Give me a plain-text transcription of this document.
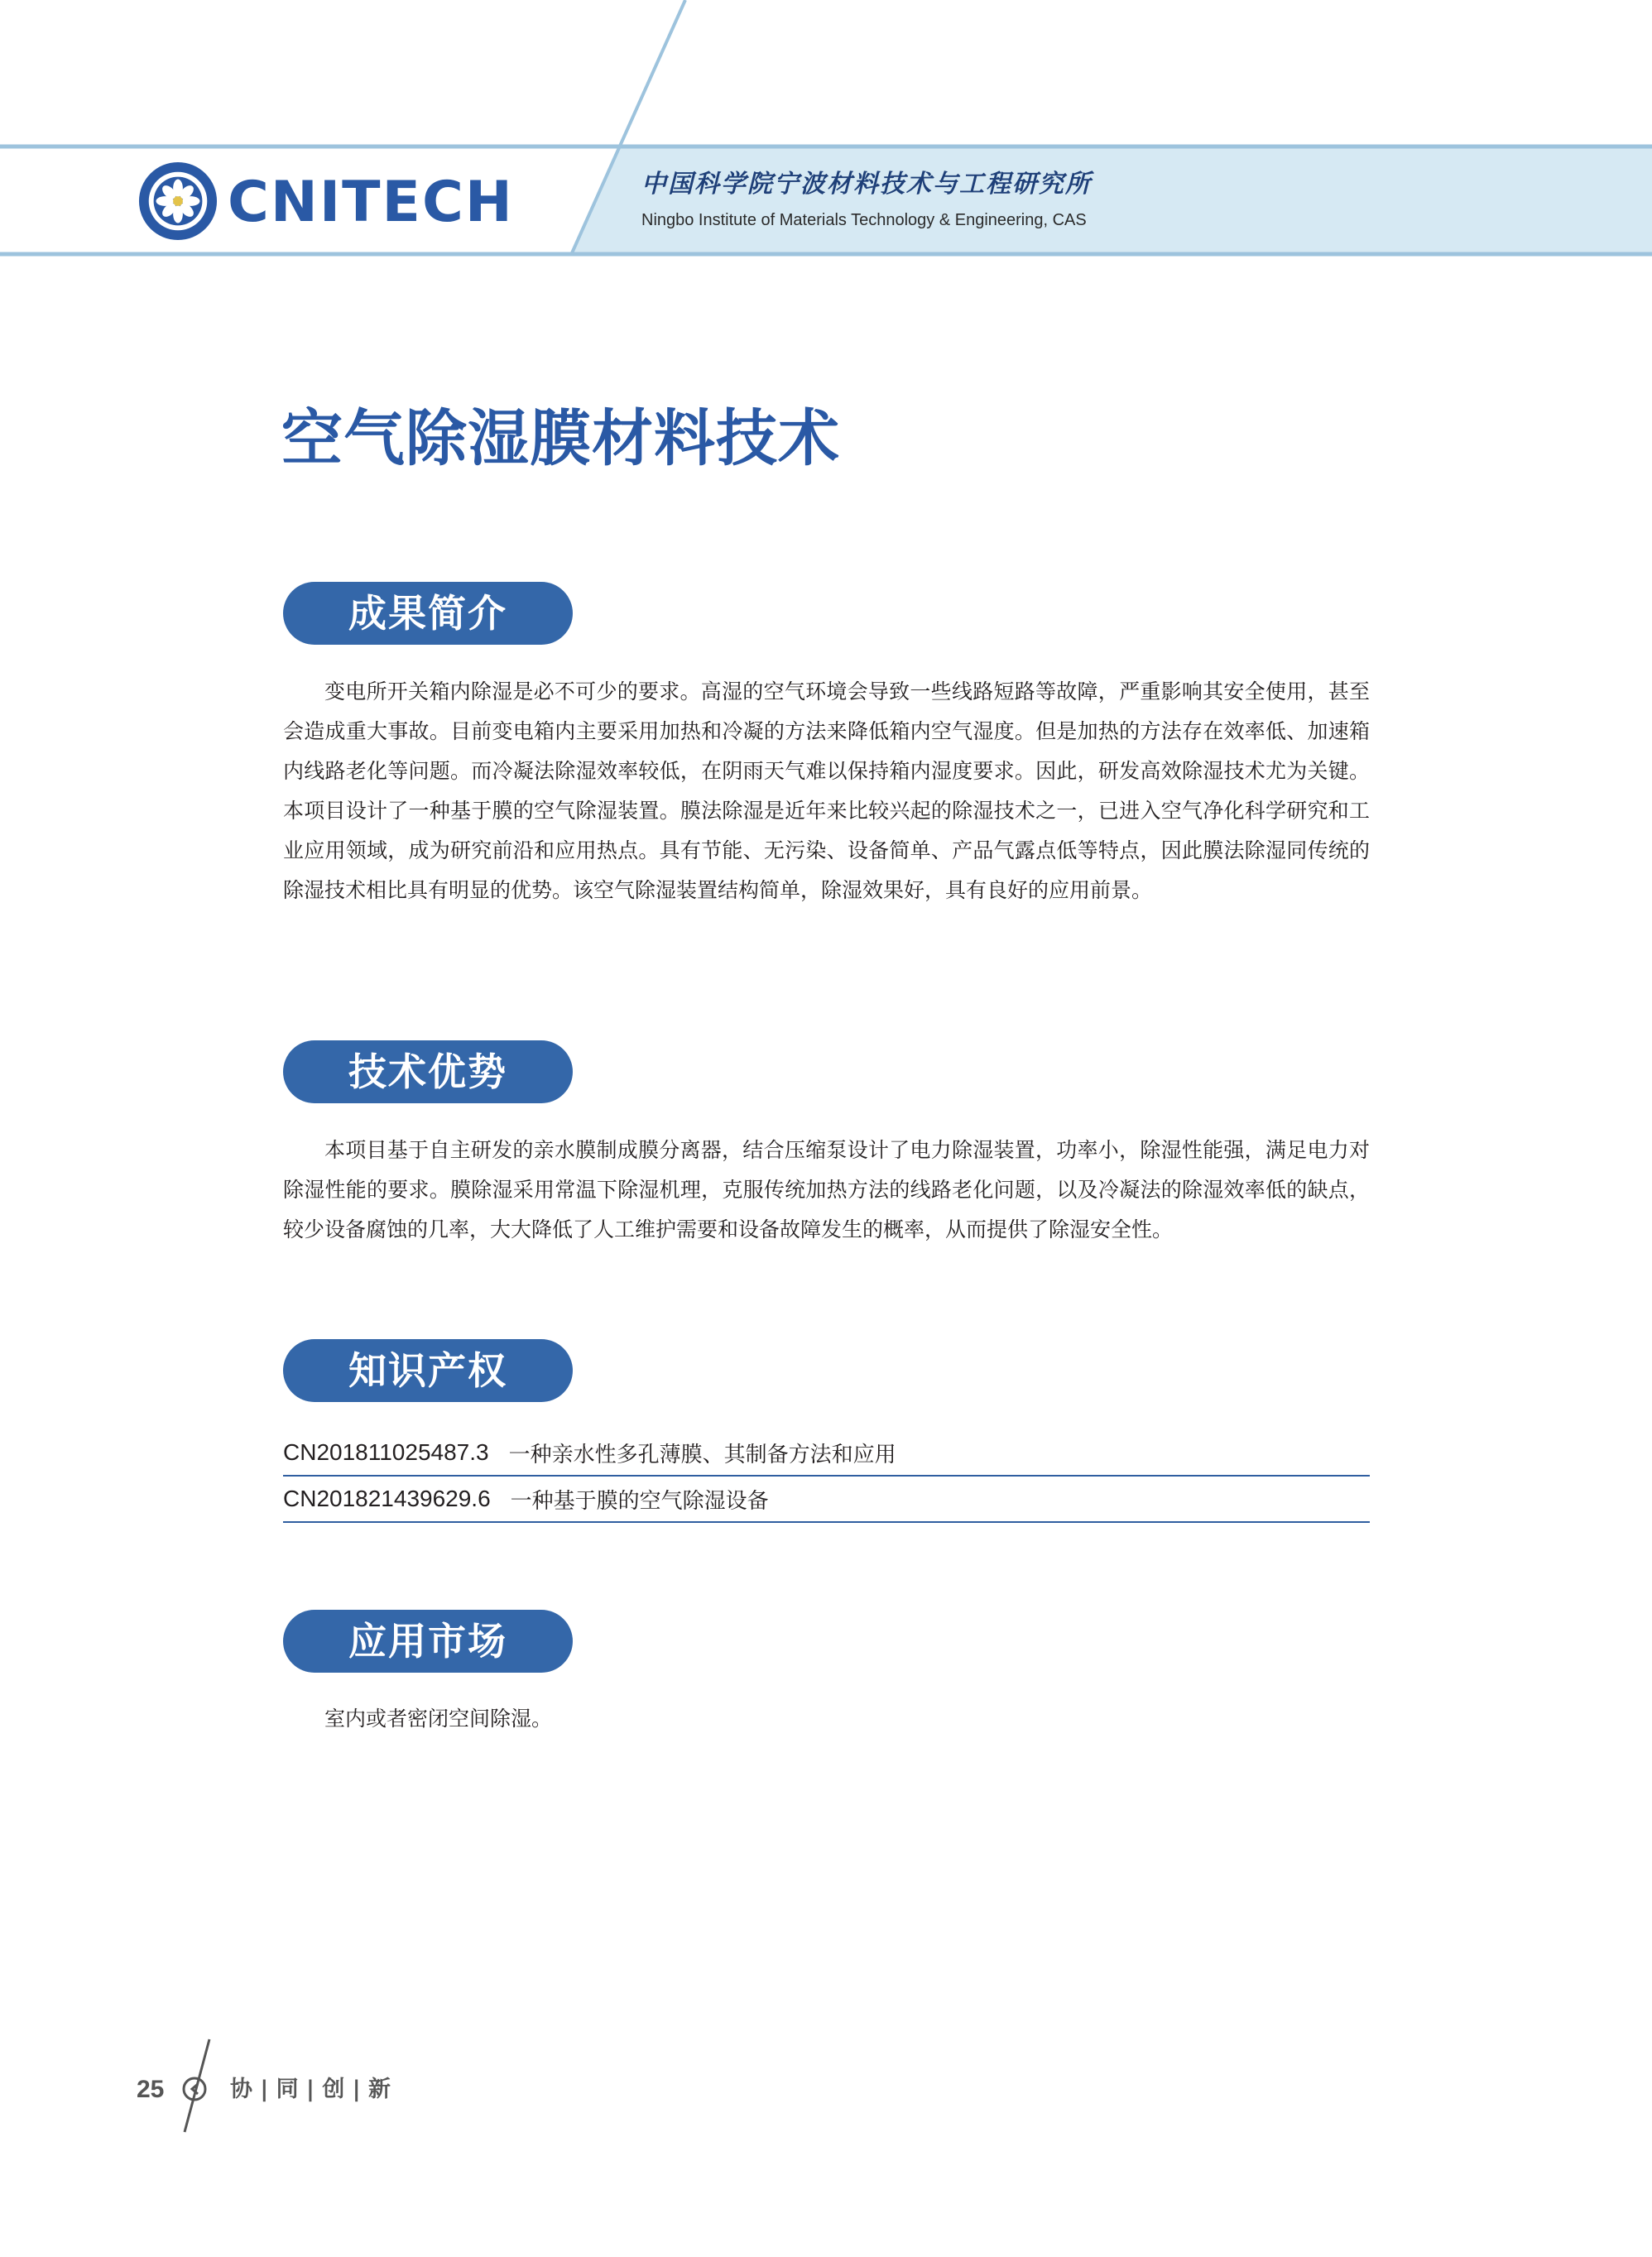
CNITECH	中国科学院宁波材料技术与工程研究所
Ningbo Institute of Materials Technology & Engineering, CAS
空气除湿膜材料技术
成果简介

变电所开关箱内除湿是必不可少的要求。高湿的空气环境会导致一些线路短路等故障，严重影响其安全使用，甚至会造成重大事故。目前变电箱内主要采用加热和冷凝的方法来降低箱内空气湿度。但是加热的方法存在效率低、加速箱内线路老化等问题。而冷凝法除湿效率较低，在阴雨天气难以保持箱内湿度要求。因此，研发高效除湿技术尤为关键。本项目设计了一种基于膜的空气除湿装置。膜法除湿是近年来比较兴起的除湿技术之一，已进入空气净化科学研究和工业应用领域，成为研究前沿和应用热点。具有节能、无污染、设备简单、产品气露点低等特点，因此膜法除湿同传统的除湿技术相比具有明显的优势。该空气除湿装置结构简单，除湿效果好，具有良好的应用前景。

技术优势

本项目基于自主研发的亲水膜制成膜分离器，结合压缩泵设计了电力除湿装置，功率小，除湿性能强，满足电力对除湿性能的要求。膜除湿采用常温下除湿机理，克服传统加热方法的线路老化问题，以及冷凝法的除湿效率低的缺点，较少设备腐蚀的几率，大大降低了人工维护需要和设备故障发生的概率，从而提供了除湿安全性。

知识产权
CN201811025487.3 一种亲水性多孔薄膜、其制备方法和应用
CN201821439629.6 一种基于膜的空气除湿设备
应用市场

室内或者密闭空间除湿。

25	协 | 同 | 创 | 新
